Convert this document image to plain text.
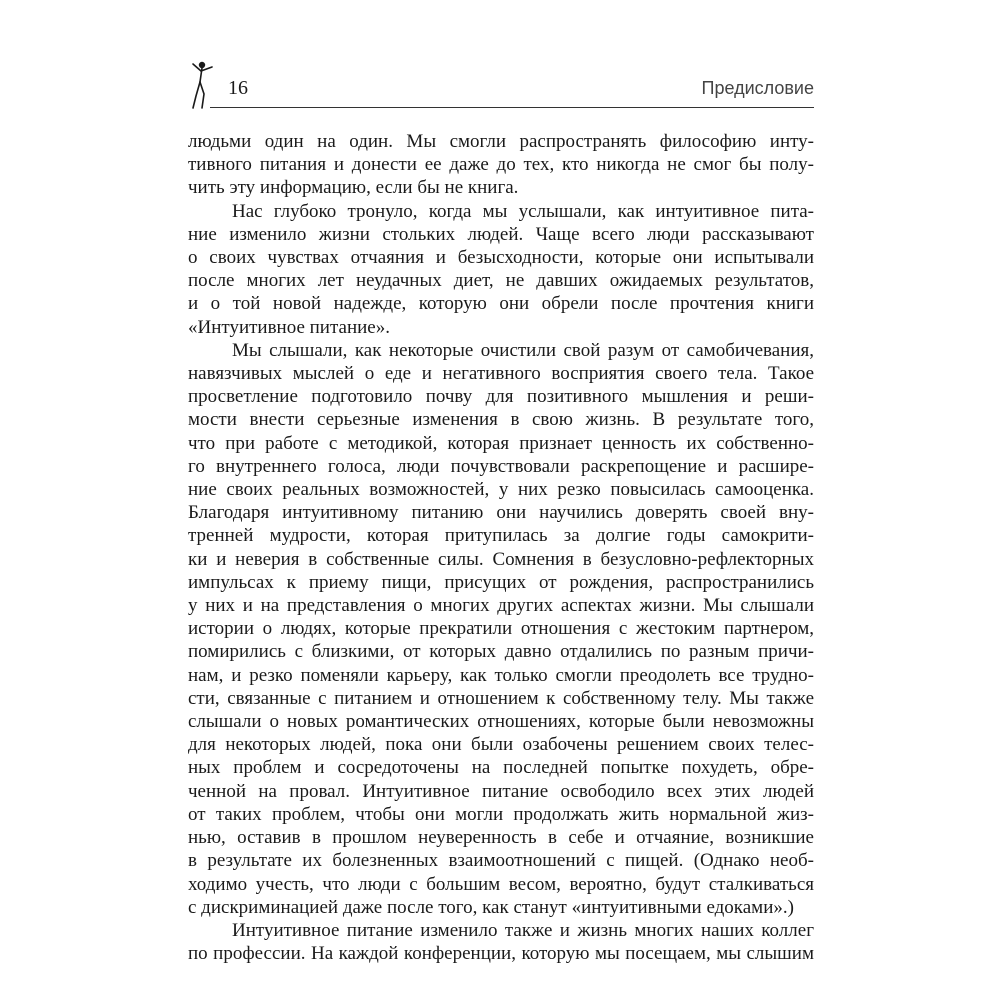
16	Предисловие
людьми один на один. Мы смогли распространять философию инту-
тивного питания и донести ее даже до тех, кто никогда не смог бы полу-
чить эту информацию, если бы не книга.
Нас глубоко тронуло, когда мы услышали, как интуитивное пита-
ние изменило жизни стольких людей. Чаще всего люди рассказывают
о своих чувствах отчаяния и безысходности, которые они испытывали
после многих лет неудачных диет, не давших ожидаемых результатов,
и о той новой надежде, которую они обрели после прочтения книги
«Интуитивное питание».
Мы слышали, как некоторые очистили свой разум от самобичевания,
навязчивых мыслей о еде и негативного восприятия своего тела. Такое
просветление подготовило почву для позитивного мышления и реши-
мости внести серьезные изменения в свою жизнь. В результате того,
что при работе с методикой, которая признает ценность их собственно-
го внутреннего голоса, люди почувствовали раскрепощение и расшире-
ние своих реальных возможностей, у них резко повысилась самооценка.
Благодаря интуитивному питанию они научились доверять своей вну-
тренней мудрости, которая притупилась за долгие годы самокрити-
ки и неверия в собственные силы. Сомнения в безусловно-рефлекторных
импульсах к приему пищи, присущих от рождения, распространились
у них и на представления о многих других аспектах жизни. Мы слышали
истории о людях, которые прекратили отношения с жестоким партнером,
помирились с близкими, от которых давно отдалились по разным причи-
нам, и резко поменяли карьеру, как только смогли преодолеть все трудно-
сти, связанные с питанием и отношением к собственному телу. Мы также
слышали о новых романтических отношениях, которые были невозможны
для некоторых людей, пока они были озабочены решением своих телес-
ных проблем и сосредоточены на последней попытке похудеть, обре-
ченной на провал. Интуитивное питание освободило всех этих людей
от таких проблем, чтобы они могли продолжать жить нормальной жиз-
нью, оставив в прошлом неуверенность в себе и отчаяние, возникшие
в результате их болезненных взаимоотношений с пищей. (Однако необ-
ходимо учесть, что люди с большим весом, вероятно, будут сталкиваться
с дискриминацией даже после того, как станут «интуитивными едоками».)
Интуитивное питание изменило также и жизнь многих наших коллег
по профессии. На каждой конференции, которую мы посещаем, мы слышим
